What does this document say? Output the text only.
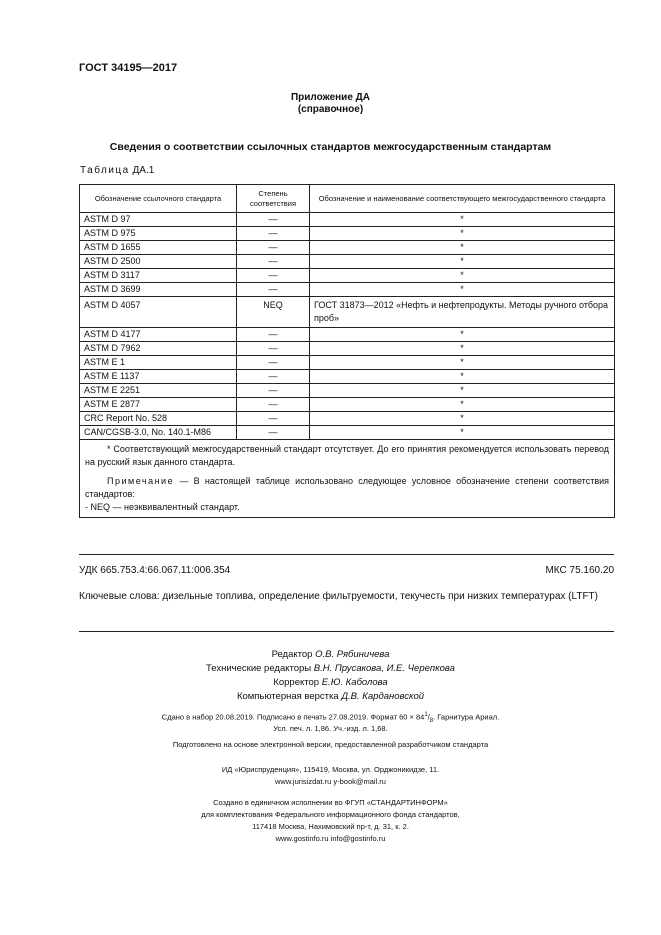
ГОСТ 34195—2017
Приложение ДА
(справочное)
Сведения о соответствии ссылочных стандартов межгосударственным стандартам
Таблица ДА.1
Обозначение ссылочного стандарта	Степень соответствия	Обозначение и наименование соответствующего межгосударственного стандарта
ASTM D 97	—	*
ASTM D 975	—	*
ASTM D 1655	—	*
ASTM D 2500	—	*
ASTM D 3117	—	*
ASTM D 3699	—	*
ASTM D 4057	NEQ	ГОСТ 31873—2012 «Нефть и нефтепродукты. Методы ручного отбора проб»
ASTM D 4177	—	*
ASTM D 7962	—	*
ASTM E 1	—	*
ASTM E 1137	—	*
ASTM E 2251	—	*
ASTM E 2877	—	*
CRC Report No. 528	—	*
CAN/CGSB-3.0, No. 140.1-M86	—	*

* Соответствующий межгосударственный стандарт отсутствует. До его принятия рекомендуется использовать перевод на русский язык данного стандарта.

Примечание — В настоящей таблице использовано следующее условное обозначение степени соответствия стандартов:

- NEQ — неэквивалентный стандарт.		

УДК 665.753.4:66.067.11:006.354	МКС 75.160.20
Ключевые слова: дизельные топлива, определение фильтруемости, текучесть при низких температурах (LTFT)
Редактор О.В. Рябиничева
Технические редакторы В.Н. Прусакова, И.Е. Черепкова
Корректор Е.Ю. Каболова
Компьютерная верстка Д.В. Кардановской
Сдано в набор 20.08.2019. Подписано в печать 27.08.2019. Формат $60 \times 84^1/_8$. Гарнитура Ариал.
Усл. печ. л. 1,86. Уч.-изд. л. 1,68.
Подготовлено на основе электронной версии, предоставленной разработчиком стандарта
ИД «Юриспруденция», 115419, Москва, ул. Орджоникидзе, 11.
www.jurisizdat.ru y-book@mail.ru
Создано в единичном исполнении во ФГУП «СТАНДАРТИНФОРМ»
для комплектования Федерального информационного фонда стандартов,
117418 Москва, Нахимовский пр-т, д. 31, к. 2.
www.gostinfo.ru info@gostinfo.ru
